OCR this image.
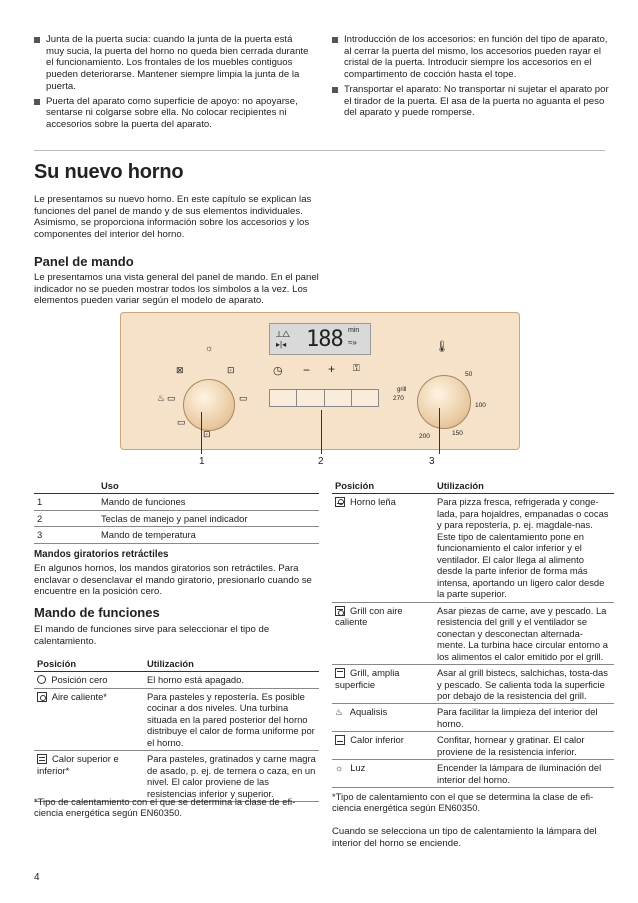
Junta de la puerta sucia: cuando la junta de la puerta está muy sucia, la puerta del horno no queda bien cerrada durante el funcionamiento. Los frontales de los muebles contiguos pueden deteriorarse. Mantener siempre limpia la junta de la puerta.
Puerta del aparato como superficie de apoyo: no apoyarse, sentarse ni colgarse sobre ella. No colocar recipientes ni accesorios sobre la puerta del aparato.
Introducción de los accesorios: en función del tipo de aparato, al cerrar la puerta del mismo, los accesorios pueden rayar el cristal de la puerta. Introducir siempre los accesorios en el compartimento de cocción hasta el tope.
Transportar el aparato: No transportar ni sujetar el aparato por el tirador de la puerta. El asa de la puerta no aguanta el peso del aparato y puede romperse.
Su nuevo horno
Le presentamos su nuevo horno. En este capítulo se explican las funciones del panel de mando y de sus elementos individuales. Asimismo, se proporciona información sobre los accesorios y los componentes del interior del horno.
Panel de mando
Le presentamos una vista general del panel de mando. En el panel indicador no se pueden mostrar todos los símbolos a la vez. Los elementos pueden variar según el modelo de aparato.
⟂△
▸|◂ 188 min
≈»
◷ − + ⚿
☼
⊠	⊡
♨ ▭	▭
▭
⊡
🌡
grill
270
50
100
150
200
1	2	3
	Uso
1	Mando de funciones
2	Teclas de manejo y panel indicador
3	Mando de temperatura
Mandos giratorios retráctiles
En algunos hornos, los mandos giratorios son retráctiles. Para enclavar o desenclavar el mando giratorio, presionarlo cuando se encuentre en la posición cero.
Mando de funciones
El mando de funciones sirve para seleccionar el tipo de calentamiento.
Posición	Utilización
Posición cero	El horno está apagado.

Aire caliente*	Para pasteles y repostería. Es posible cocinar a dos niveles. Una turbina situada en la pared posterior del horno distribuye el calor de forma uniforme por el horno.

Calor superior e inferior*	Para pasteles, gratinados y carne magra de asado, p. ej. de ternera o caza, en un nivel. El calor proviene de las resistencias inferior y superior.
*Tipo de calentamiento con el que se determina la clase de efi-ciencia energética según EN60350.
Posición	Utilización

Horno leña	Para pizza fresca, refrigerada y conge-lada, para hojaldres, empanadas o cocas y para repostería, p. ej. magdale-nas. Este tipo de calentamiento pone en funcionamiento el calor inferior y el ventilador. El calor llega al alimento desde la parte inferior de forma más intensa, aportando un ligero calor desde la parte superior.

Grill con aire caliente	Asar piezas de carne, ave y pescado. La resistencia del grill y el ventilador se conectan y desconectan alternada-mente. La turbina hace circular entorno a los alimentos el calor emitido por el grill.

Grill, amplia superficie	Asar al grill bistecs, salchichas, tosta-das y pescado. Se calienta toda la superficie por debajo de la resistencia del grill.
♨ Aqualisis	Para facilitar la limpieza del interior del horno.

Calor inferior	Confitar, hornear y gratinar. El calor proviene de la resistencia inferior.
☼ Luz	Encender la lámpara de iluminación del interior del horno.
*Tipo de calentamiento con el que se determina la clase de efi-ciencia energética según EN60350.
Cuando se selecciona un tipo de calentamiento la lámpara del interior del horno se enciende.
4
